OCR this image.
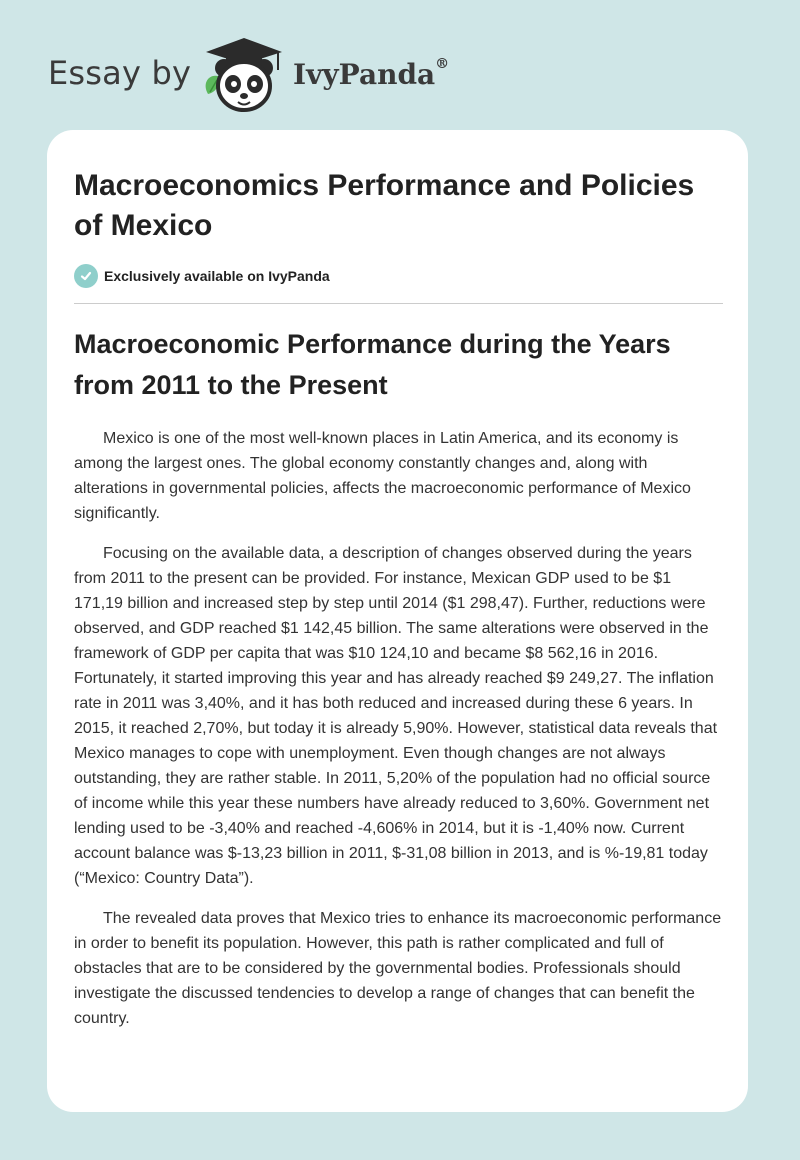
Essay by	IvyPanda®
Macroeconomics Performance and Policies of Mexico
Exclusively available on IvyPanda
Macroeconomic Performance during the Years from 2011 to the Present

Mexico is one of the most well-known places in Latin America, and its economy is among the largest ones. The global economy constantly changes and, along with alterations in governmental policies, affects the macroeconomic performance of Mexico significantly.

Focusing on the available data, a description of changes observed during the years from 2011 to the present can be provided. For instance, Mexican GDP used to be $1 171,19 billion and increased step by step until 2014 ($1 298,47). Further, reductions were observed, and GDP reached $1 142,45 billion. The same alterations were observed in the framework of GDP per capita that was $10 124,10 and became $8 562,16 in 2016. Fortunately, it started improving this year and has already reached $9 249,27. The inflation rate in 2011 was 3,40%, and it has both reduced and increased during these 6 years. In 2015, it reached 2,70%, but today it is already 5,90%. However, statistical data reveals that Mexico manages to cope with unemployment. Even though changes are not always outstanding, they are rather stable. In 2011, 5,20% of the population had no official source of income while this year these numbers have already reduced to 3,60%. Government net lending used to be -3,40% and reached -4,606% in 2014, but it is -1,40% now. Current account balance was $-13,23 billion in 2011, $-31,08 billion in 2013, and is %-19,81 today (“Mexico: Country Data”).

The revealed data proves that Mexico tries to enhance its macroeconomic performance in order to benefit its population. However, this path is rather complicated and full of obstacles that are to be considered by the governmental bodies. Professionals should investigate the discussed tendencies to develop a range of changes that can benefit the country.
